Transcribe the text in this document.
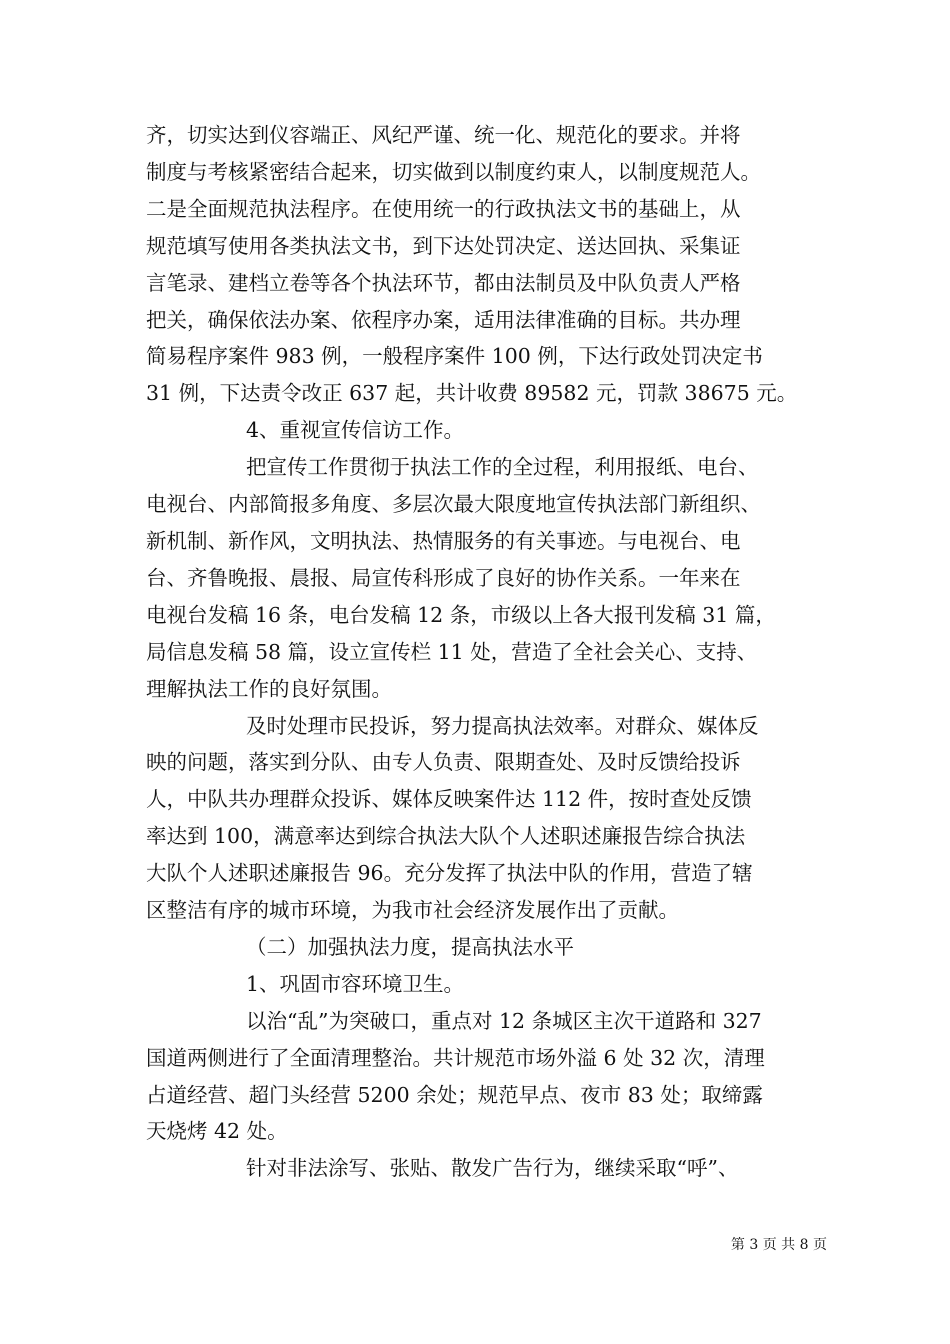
齐，切实达到仪容端正、风纪严谨、统一化、规范化的要求。并将

制度与考核紧密结合起来，切实做到以制度约束人，以制度规范人。

二是全面规范执法程序。在使用统一的行政执法文书的基础上，从

规范填写使用各类执法文书，到下达处罚决定、送达回执、采集证

言笔录、建档立卷等各个执法环节，都由法制员及中队负责人严格

把关，确保依法办案、依程序办案，适用法律准确的目标。共办理

简易程序案件 983 例，一般程序案件 100 例，下达行政处罚决定书

31 例，下达责令改正 637 起，共计收费 89582 元，罚款 38675 元。

4、重视宣传信访工作。

把宣传工作贯彻于执法工作的全过程，利用报纸、电台、

电视台、内部简报多角度、多层次最大限度地宣传执法部门新组织、

新机制、新作风，文明执法、热情服务的有关事迹。与电视台、电

台、齐鲁晚报、晨报、局宣传科形成了良好的协作关系。一年来在

电视台发稿 16 条，电台发稿 12 条，市级以上各大报刊发稿 31 篇，

局信息发稿 58 篇，设立宣传栏 11 处，营造了全社会关心、支持、

理解执法工作的良好氛围。

及时处理市民投诉，努力提高执法效率。对群众、媒体反

映的问题，落实到分队、由专人负责、限期查处、及时反馈给投诉

人，中队共办理群众投诉、媒体反映案件达 112 件，按时查处反馈

率达到 100，满意率达到综合执法大队个人述职述廉报告综合执法

大队个人述职述廉报告 96。充分发挥了执法中队的作用，营造了辖

区整洁有序的城市环境，为我市社会经济发展作出了贡献。

（二）加强执法力度，提高执法水平

1、巩固市容环境卫生。

以治“乱”为突破口，重点对 12 条城区主次干道路和 327

国道两侧进行了全面清理整治。共计规范市场外溢 6 处 32 次，清理

占道经营、超门头经营 5200 余处；规范早点、夜市 83 处；取缔露

天烧烤 42 处。

针对非法涂写、张贴、散发广告行为，继续采取“呼”、

第 3 页 共 8 页
